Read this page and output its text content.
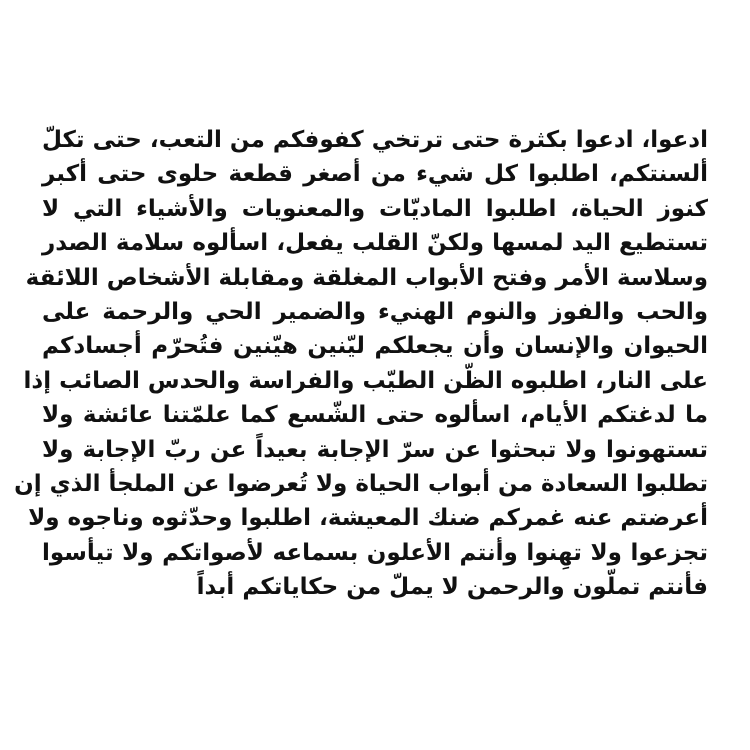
ادعوا، ادعوا بكثرة حتى ترتخي كفوفكم من التعب، حتى تكلّ
ألسنتكم، اطلبوا كل شيء من أصغر قطعة حلوى حتى أكبر
كنوز الحياة، اطلبوا الماديّات والمعنويات والأشياء التي لا
تستطيع اليد لمسها ولكنّ القلب يفعل، اسألوه سلامة الصدر
وسلاسة الأمر وفتح الأبواب المغلقة ومقابلة الأشخاص اللائقة
والحب والفوز والنوم الهنيء والضمير الحي والرحمة على
الحيوان والإنسان وأن يجعلكم ليّنين هيّنين فتُحرّم أجسادكم
على النار، اطلبوه الظّن الطيّب والفراسة والحدس الصائب إذا
ما لدغتكم الأيام، اسألوه حتى الشّسع كما علمّتنا عائشة ولا
تستهونوا ولا تبحثوا عن سرّ الإجابة بعيداً عن ربّ الإجابة ولا
تطلبوا السعادة من أبواب الحياة ولا تُعرضوا عن الملجأ الذي إن
أعرضتم عنه غمركم ضنك المعيشة، اطلبوا وحدّثوه وناجوه ولا
تجزعوا ولا تهِنوا وأنتم الأعلون بسماعه لأصواتكم ولا تيأسوا
فأنتم تملّون والرحمن لا يملّ من حكاياتكم أبداً
